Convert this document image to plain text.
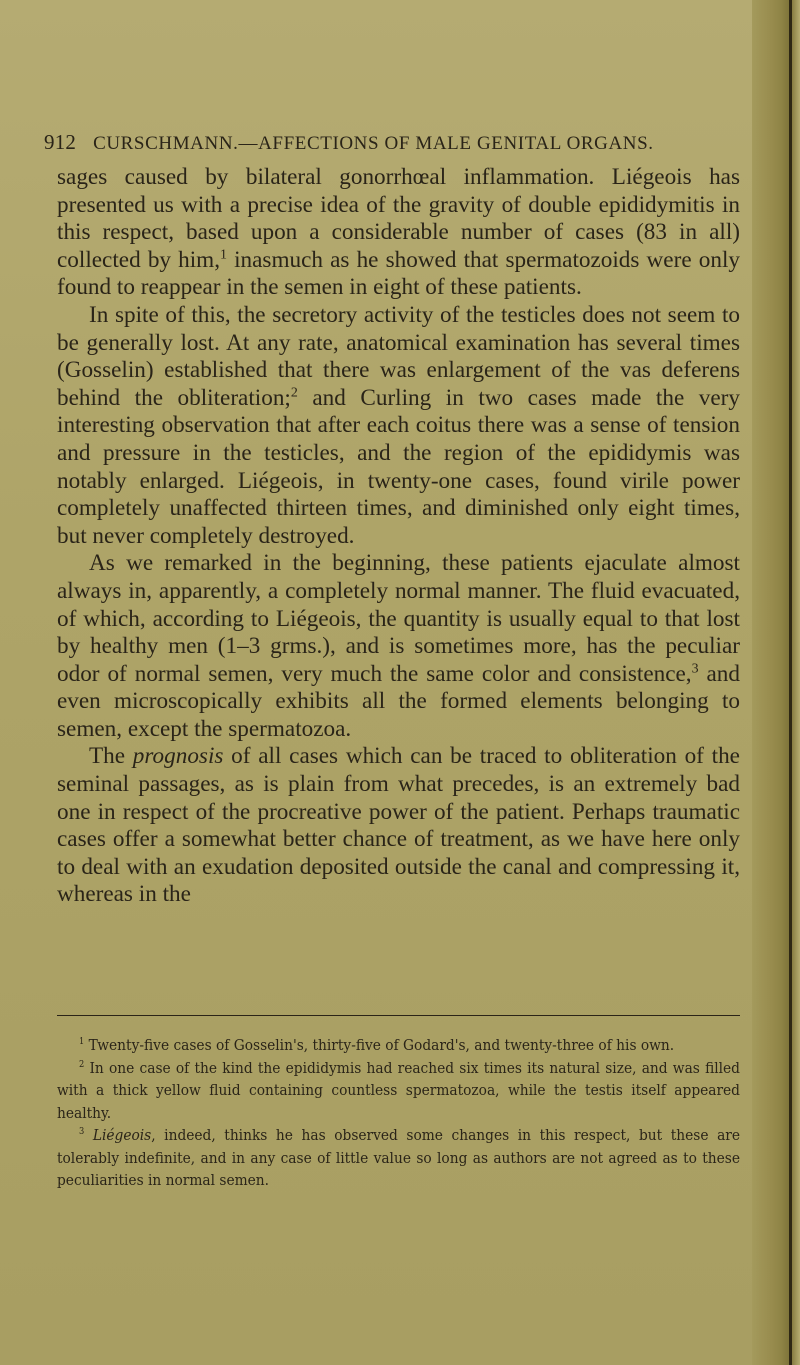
912 CURSCHMANN.—AFFECTIONS OF MALE GENITAL ORGANS.

sages caused by bilateral gonorrhœal inflammation. Liégeois has presented us with a precise idea of the gravity of double epididymitis in this respect, based upon a considerable number of cases (83 in all) collected by him,$^1$ inasmuch as he showed that spermatozoids were only found to reappear in the semen in eight of these patients.

In spite of this, the secretory activity of the testicles does not seem to be generally lost. At any rate, anatomical examination has several times (Gosselin) established that there was enlargement of the vas deferens behind the obliteration;$^2$ and Curling in two cases made the very interesting observation that after each coitus there was a sense of tension and pressure in the testicles, and the region of the epididymis was notably enlarged. Liégeois, in twenty-one cases, found virile power completely unaffected thirteen times, and diminished only eight times, but never completely destroyed.

As we remarked in the beginning, these patients ejaculate almost always in, apparently, a completely normal manner. The fluid evacuated, of which, according to Liégeois, the quantity is usually equal to that lost by healthy men (1–3 grms.), and is sometimes more, has the peculiar odor of normal semen, very much the same color and consistence,$^3$ and even microscopically exhibits all the formed elements belonging to semen, except the spermatozoa.

The prognosis of all cases which can be traced to obliteration of the seminal passages, as is plain from what precedes, is an extremely bad one in respect of the procreative power of the patient. Perhaps traumatic cases offer a somewhat better chance of treatment, as we have here only to deal with an exudation deposited outside the canal and compressing it, whereas in the

$^1$ Twenty-five cases of Gosselin's, thirty-five of Godard's, and twenty-three of his own.

$^2$ In one case of the kind the epididymis had reached six times its natural size, and was filled with a thick yellow fluid containing countless spermatozoa, while the testis itself appeared healthy.

$^3$ Liégeois, indeed, thinks he has observed some changes in this respect, but these are tolerably indefinite, and in any case of little value so long as authors are not agreed as to these peculiarities in normal semen.
